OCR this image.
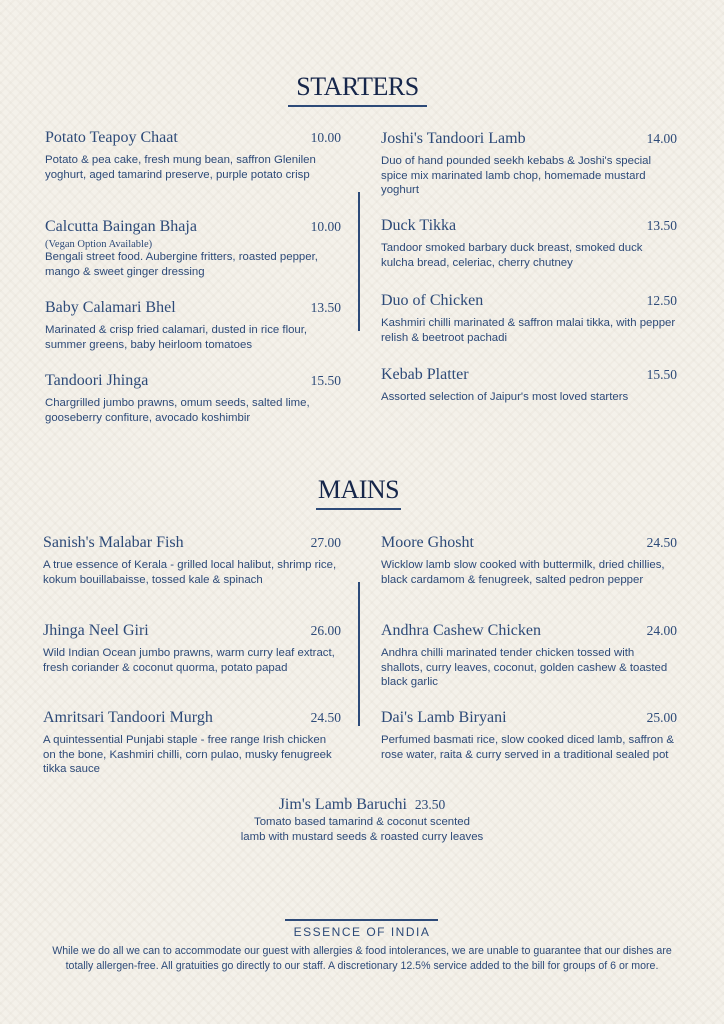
STARTERS
Potato Teapoy Chaat	10.00
Potato & pea cake, fresh mung bean, saffron Glenilen yoghurt, aged tamarind preserve, purple potato crisp
Calcutta Baingan Bhaja	10.00
(Vegan Option Available)
Bengali street food. Aubergine fritters, roasted pepper, mango & sweet ginger dressing
Baby Calamari Bhel	13.50
Marinated & crisp fried calamari, dusted in rice flour, summer greens, baby heirloom tomatoes
Tandoori Jhinga	15.50
Chargrilled jumbo prawns, omum seeds, salted lime, gooseberry confiture, avocado koshimbir
Joshi's Tandoori Lamb	14.00
Duo of hand pounded seekh kebabs & Joshi's special spice mix marinated lamb chop, homemade mustard yoghurt
Duck Tikka	13.50
Tandoor smoked barbary duck breast, smoked duck kulcha bread, celeriac, cherry chutney
Duo of Chicken	12.50
Kashmiri chilli marinated & saffron malai tikka, with pepper relish & beetroot pachadi
Kebab Platter	15.50
Assorted selection of Jaipur's most loved starters
MAINS
Sanish's Malabar Fish	27.00
A true essence of Kerala - grilled local halibut, shrimp rice, kokum bouillabaisse, tossed kale & spinach
Jhinga Neel Giri	26.00
Wild Indian Ocean jumbo prawns, warm curry leaf extract, fresh coriander & coconut quorma, potato papad
Amritsari Tandoori Murgh	24.50
A quintessential Punjabi staple - free range Irish chicken on the bone, Kashmiri chilli, corn pulao, musky fenugreek tikka sauce
Moore Ghosht	24.50
Wicklow lamb slow cooked with buttermilk, dried chillies, black cardamom & fenugreek, salted pedron pepper
Andhra Cashew Chicken	24.00
Andhra chilli marinated tender chicken tossed with shallots, curry leaves, coconut, golden cashew & toasted black garlic
Dai's Lamb Biryani	25.00
Perfumed basmati rice, slow cooked diced lamb, saffron & rose water, raita & curry served in a traditional sealed pot
Jim's Lamb Baruchi 23.50
Tomato based tamarind & coconut scented
lamb with mustard seeds & roasted curry leaves
ESSENCE OF INDIA
While we do all we can to accommodate our guest with allergies & food intolerances, we are unable to guarantee that our dishes are
totally allergen-free. All gratuities go directly to our staff. A discretionary 12.5% service added to the bill for groups of 6 or more.
